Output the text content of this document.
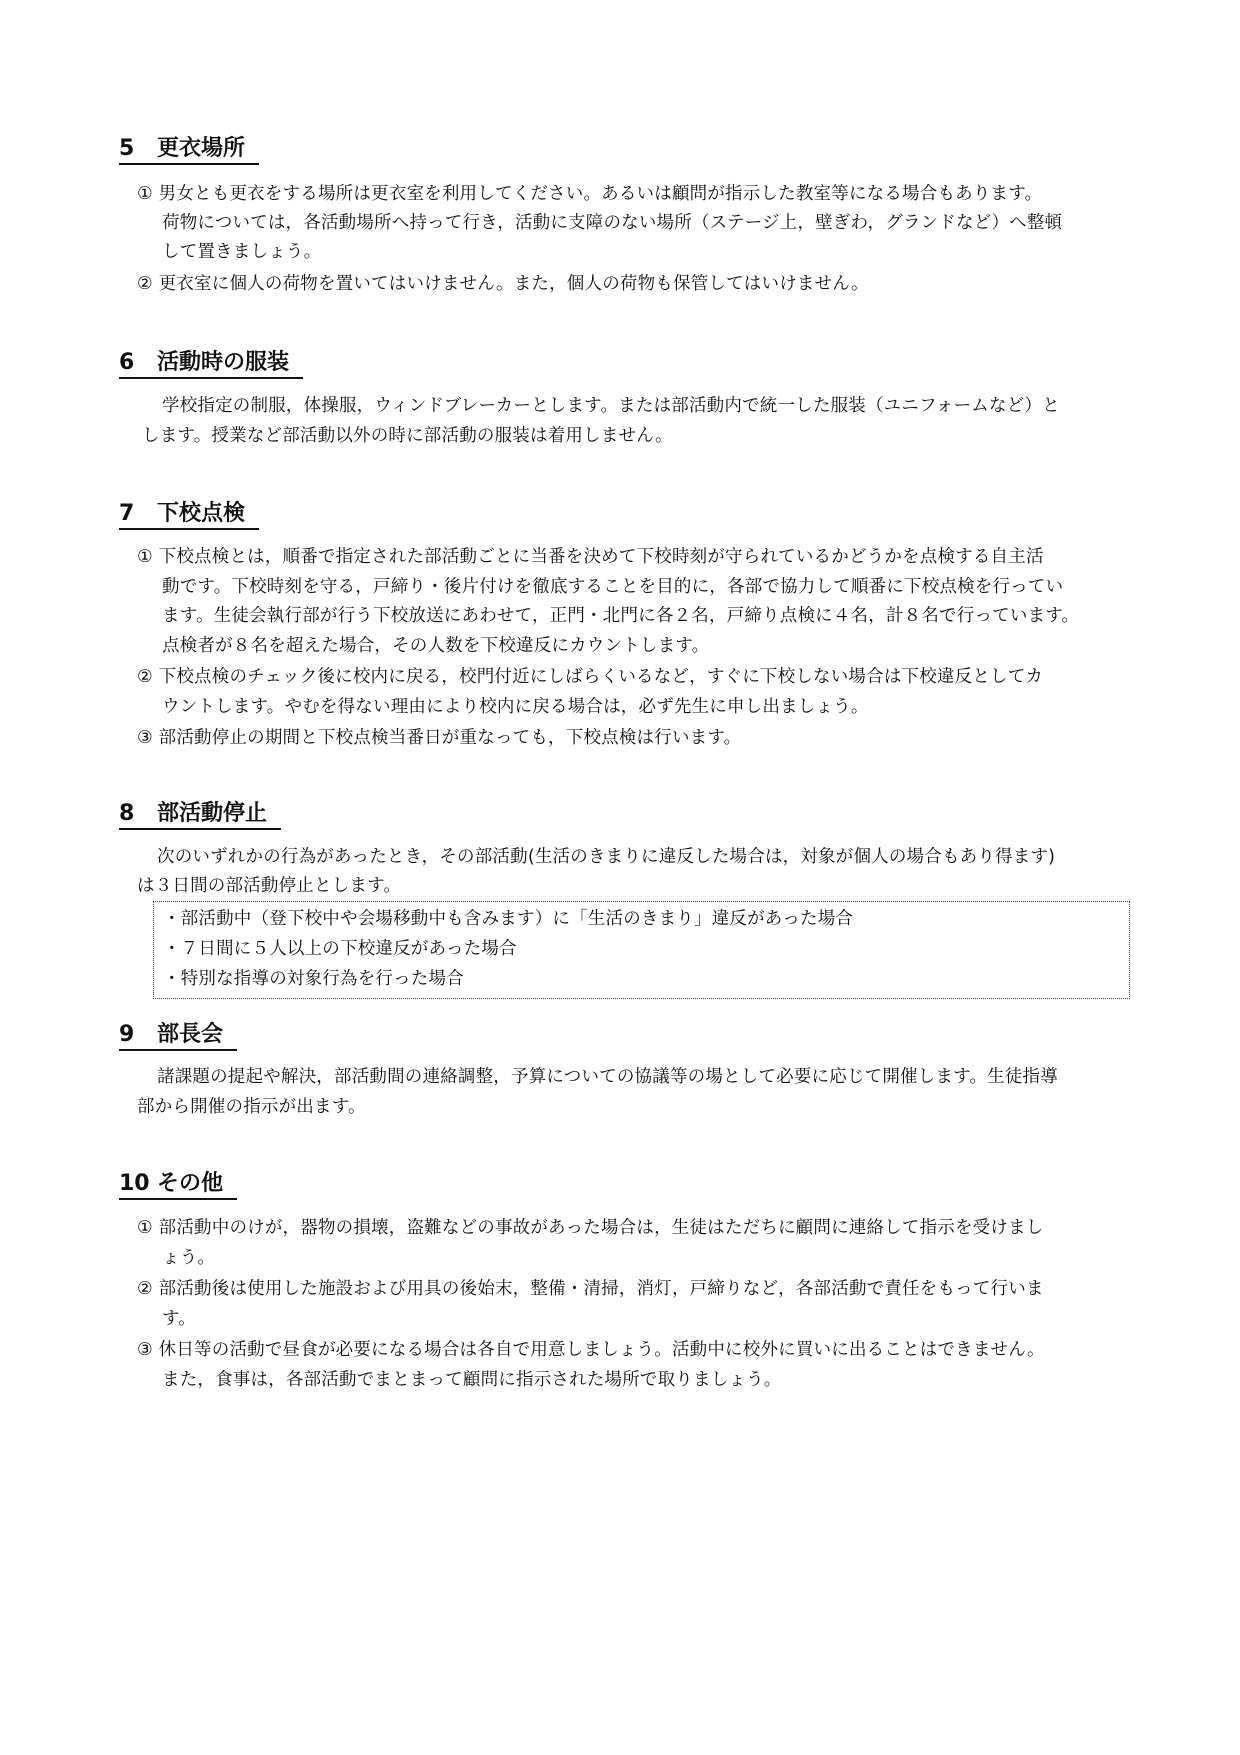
5 更衣場所
① 男女とも更衣をする場所は更衣室を利用してください。あるいは顧問が指示した教室等になる場合もあります。
荷物については，各活動場所へ持って行き，活動に支障のない場所（ステージ上，壁ぎわ，グランドなど）へ整頓
して置きましょう。
② 更衣室に個人の荷物を置いてはいけません。また，個人の荷物も保管してはいけません。
6 活動時の服装
学校指定の制服，体操服，ウィンドブレーカーとします。または部活動内で統一した服装（ユニフォームなど）と
します。授業など部活動以外の時に部活動の服装は着用しません。
7 下校点検
① 下校点検とは，順番で指定された部活動ごとに当番を決めて下校時刻が守られているかどうかを点検する自主活
動です。下校時刻を守る，戸締り・後片付けを徹底することを目的に，各部で協力して順番に下校点検を行ってい
ます。生徒会執行部が行う下校放送にあわせて，正門・北門に各２名，戸締り点検に４名，計８名で行っています。
点検者が８名を超えた場合，その人数を下校違反にカウントします。
② 下校点検のチェック後に校内に戻る，校門付近にしばらくいるなど，すぐに下校しない場合は下校違反としてカ
ウントします。やむを得ない理由により校内に戻る場合は，必ず先生に申し出ましょう。
③ 部活動停止の期間と下校点検当番日が重なっても，下校点検は行います。
8 部活動停止
次のいずれかの行為があったとき，その部活動(生活のきまりに違反した場合は，対象が個人の場合もあり得ます)
は３日間の部活動停止とします。
・部活動中（登下校中や会場移動中も含みます）に「生活のきまり」違反があった場合
・７日間に５人以上の下校違反があった場合
・特別な指導の対象行為を行った場合
9 部長会
諸課題の提起や解決，部活動間の連絡調整，予算についての協議等の場として必要に応じて開催します。生徒指導
部から開催の指示が出ます。
10 その他
① 部活動中のけが，器物の損壊，盗難などの事故があった場合は，生徒はただちに顧問に連絡して指示を受けまし
ょう。
② 部活動後は使用した施設および用具の後始末，整備・清掃，消灯，戸締りなど，各部活動で責任をもって行いま
す。
③ 休日等の活動で昼食が必要になる場合は各自で用意しましょう。活動中に校外に買いに出ることはできません。
また，食事は，各部活動でまとまって顧問に指示された場所で取りましょう。
